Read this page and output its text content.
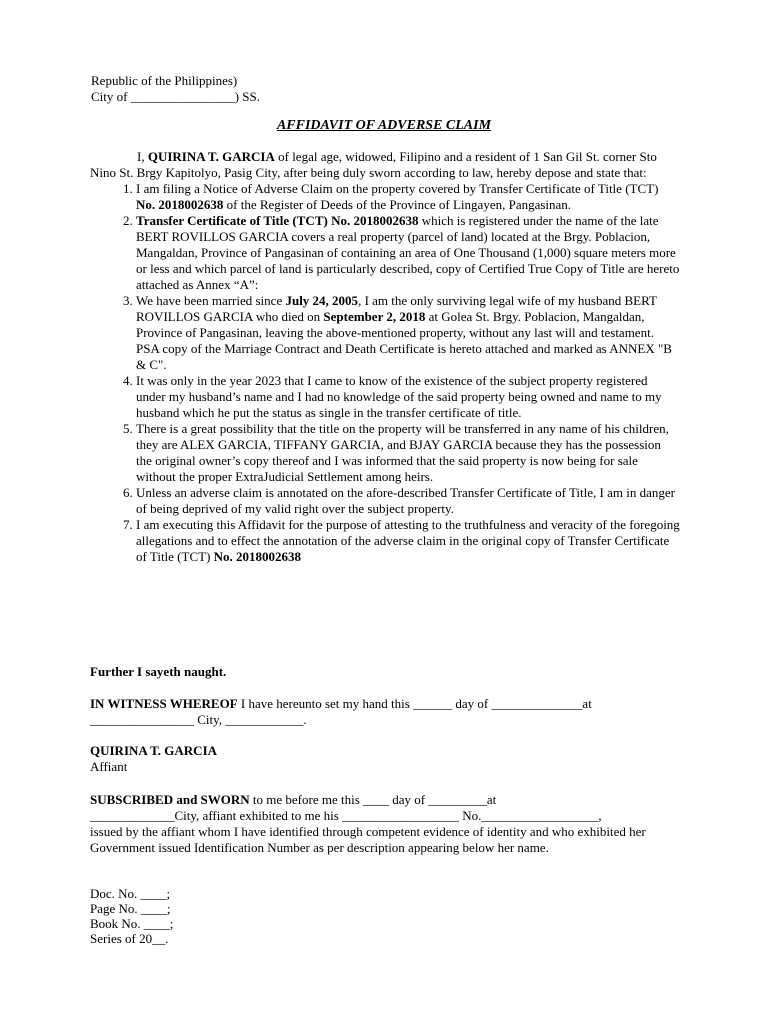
Republic of the Philippines)
City of ________________) SS.
AFFIDAVIT OF ADVERSE CLAIM

I, QUIRINA T. GARCIA of legal age, widowed, Filipino and a resident of 1 San Gil St. corner Sto Nino St. Brgy Kapitolyo, Pasig City, after being duly sworn according to law, hereby depose and state that:

1. I am filing a Notice of Adverse Claim on the property covered by Transfer Certificate of Title (TCT) No. 2018002638 of the Register of Deeds of the Province of Lingayen, Pangasinan.
2. Transfer Certificate of Title (TCT) No. 2018002638 which is registered under the name of the late BERT ROVILLOS GARCIA covers a real property (parcel of land) located at the Brgy. Poblacion, Mangaldan, Province of Pangasinan of containing an area of One Thousand (1,000) square meters more or less and which parcel of land is particularly described, copy of Certified True Copy of Title are hereto attached as Annex “A”:
3. We have been married since July 24, 2005, I am the only surviving legal wife of my husband BERT ROVILLOS GARCIA who died on September 2, 2018 at Golea St. Brgy. Poblacion, Mangaldan, Province of Pangasinan, leaving the above-mentioned property, without any last will and testament. PSA copy of the Marriage Contract and Death Certificate is hereto attached and marked as ANNEX "B & C".
4. It was only in the year 2023 that I came to know of the existence of the subject property registered under my husband’s name and I had no knowledge of the said property being owned and name to my husband which he put the status as single in the transfer certificate of title.
5. There is a great possibility that the title on the property will be transferred in any name of his children, they are ALEX GARCIA, TIFFANY GARCIA, and BJAY GARCIA because they has the possession the original owner’s copy thereof and I was informed that the said property is now being for sale without the proper ExtraJudicial Settlement among heirs.
6. Unless an adverse claim is annotated on the afore-described Transfer Certificate of Title, I am in danger of being deprived of my valid right over the subject property.
7. I am executing this Affidavit for the purpose of attesting to the truthfulness and veracity of the foregoing allegations and to effect the annotation of the adverse claim in the original copy of Transfer Certificate of Title (TCT) No. 2018002638

Further I sayeth naught.

IN WITNESS WHEREOF I have hereunto set my hand this ______ day of ______________at
________________ City, ____________.
QUIRINA T. GARCIA
Affiant
SUBSCRIBED and SWORN to me before me this ____ day of _________at
_____________City, affiant exhibited to me his __________________ No.__________________,
issued by the affiant whom I have identified through competent evidence of identity and who exhibited her Government issued Identification Number as per description appearing below her name.
Doc. No. ____;
Page No. ____;
Book No. ____;
Series of 20__.
